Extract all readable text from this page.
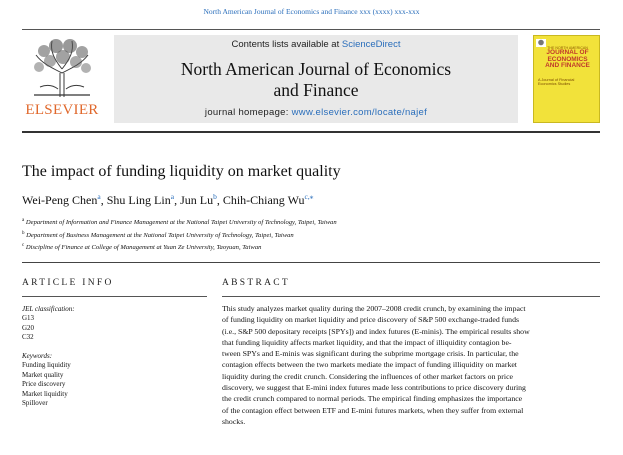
North American Journal of Economics and Finance xxx (xxxx) xxx-xxx
ELSEVIER
Contents lists available at ScienceDirect
North American Journal of Economics
and Finance
journal homepage: www.elsevier.com/locate/najef
THE NORTH AMERICAN
JOURNAL OF
ECONOMICS
AND FINANCE
A Journal of Financial
Economics Studies
The impact of funding liquidity on market quality
Wei-Peng Chen$^a$, Shu Ling Lin$^a$, Jun Lu$^b$, Chih-Chiang $Wu^{c,⁎}$
$^a$ Department of Information and Finance Management at the National Taipei University of Technology, Taipei, Taiwan
$^b$ Department of Business Management at the National Taipei University of Technology, Taipei, Taiwan
$^c$ Discipline of Finance at College of Management at Yuan Ze University, Taoyuan, Taiwan
ARTICLE INFO	ABSTRACT
JEL classification:
G13
G20
C32
Keywords:
Funding liquidity
Market quality
Price discovery
Market liquidity
Spillover
This study analyzes market quality during the 2007–2008 credit crunch, by examining the impact
of funding liquidity on market liquidity and price discovery of S&P 500 exchange-traded funds
(i.e., S&P 500 depositary receipts [SPYs]) and index futures (E-minis). The empirical results show
that funding liquidity affects market liquidity, and that the impact of illiquidity contagion be-
tween SPYs and E-minis was significant during the subprime mortgage crisis. In particular, the
contagion effects between the two markets mediate the impact of funding illiquidity on market
liquidity during the credit crunch. Considering the influences of other market factors on price
discovery, we suggest that E-mini index futures made less contributions to price discovery during
the credit crunch compared to normal periods. The empirical finding emphasizes the importance
of the contagion effect between ETF and E-mini futures markets, when they suffer from external
shocks.
